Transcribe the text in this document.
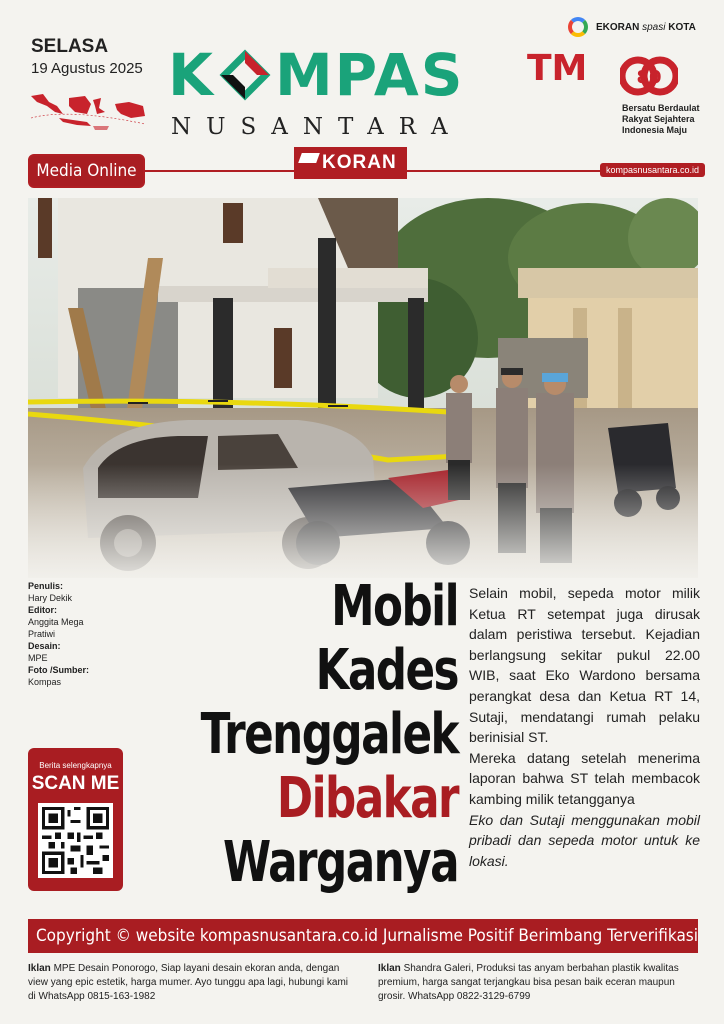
SELASA
19 Agustus 2025 K MPAS TM
NUSANTARA
EKORAN spasi KOTA
80
Bersatu Berdaulat
Rakyat Sejahtera
Indonesia Maju
Media Online	KORAN	kompasnusantara.co.id
Penulis:
Hary Dekik
Editor:
Anggita Mega Pratiwi
Desain:
MPE
Foto /Sumber:
Kompas
Berita selengkapnya
SCAN ME
Mobil Kades
Trenggalek
Dibakar
Warganya

Selain mobil, sepeda motor milik Ketua RT setempat juga dirusak dalam peristiwa tersebut. Kejadian berlangsung sekitar pukul 22.00 WIB, saat Eko Wardono bersama perangkat desa dan Ketua RT 14, Sutaji, mendatangi rumah pelaku berinisial ST.

Mereka datang setelah menerima laporan bahwa ST telah membacok kambing milik tetangganya

Eko dan Sutaji menggunakan mobil pribadi dan sepeda motor untuk ke lokasi.

Copyright © website kompasnusantara.co.id Jurnalisme Positif Berimbang Terverifikasi
Iklan MPE Desain Ponorogo, Siap layani desain ekoran anda, dengan view yang epic estetik, harga mumer. Ayo tunggu apa lagi, hubungi kami di WhatsApp 0815-163-1982
Iklan Shandra Galeri, Produksi tas anyam berbahan plastik kwalitas premium, harga sangat terjangkau bisa pesan baik eceran maupun grosir. WhatsApp 0822-3129-6799
